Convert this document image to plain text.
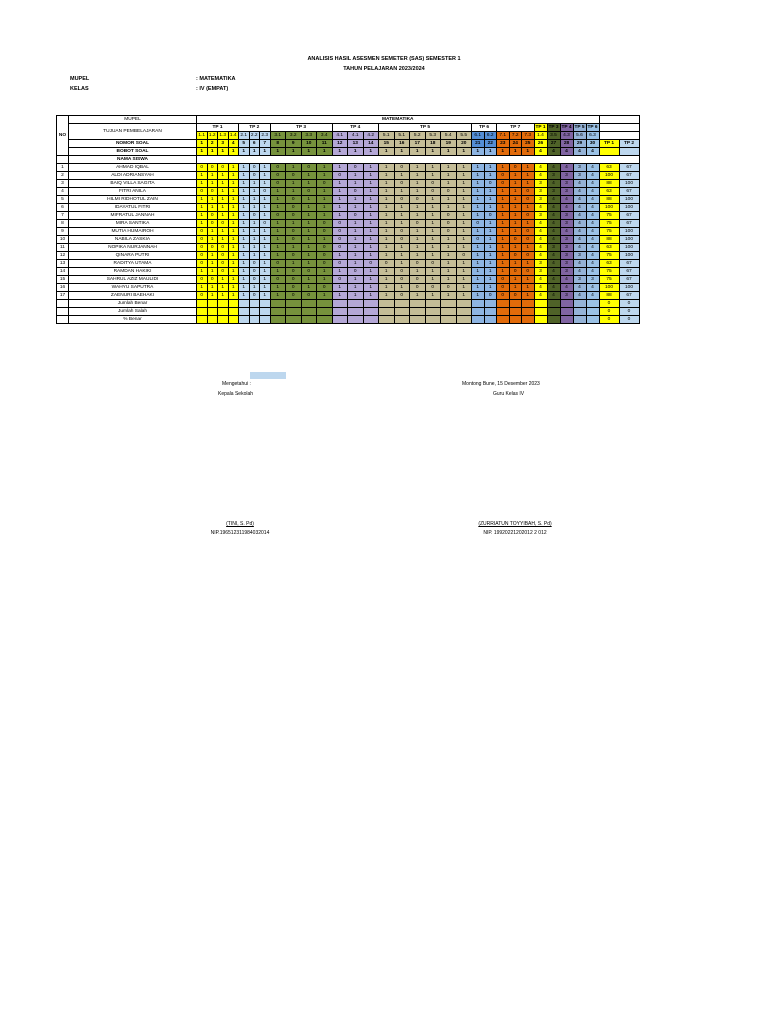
ANALISIS HASIL ASESMEN SEMETER (SAS) SEMESTER 1
TAHUN PELAJARAN 2023/2024
MUPEL	: MATEMATIKA
KELAS	: IV (EMPAT)
NO	MUPEL	MATEMATIKA																															
	TUJUAN PEMBELAJARAN	TP 1				TP 2			TP 3				TP 4			TP 5						TP 6		TP 7			TP 1	TP 3	TP 4	TP 5	TP 6		
		1.1	1.2	1.3	1.4	2.1	2.2	2.3	3.1	3.2	3.3	3.4	4.1	4.1	4.2	5.1	5.1	5.2	5.3	5.4	5.5	6.1	6.2	7.1	7.2	7.3	1.4	3.5	4.3	5.6	6.3		
	NOMOR SOAL	1	2	3	4	5	6	7	8	9	10	11	12	13	14	15	16	17	18	19	20	21	22	23	24	25	26	27	28	29	30	TP 1	TP 2
	BOBOT SOAL	1	1	1	1	1	1	1	1	1	1	1	1	1	1	1	1	1	1	1	1	1	1	1	1	1	4	4	4	4	4		
	NAMA SISWA																																
1	AHMAD IQBAL	0	0	0	1	1	0	1	0	1	0	1	1	0	1	1	0	1	1	1	1	1	1	1	0	1	4	4	4	3	4	63	67
2	ALDI ADRIANSYAH	1	1	1	1	1	0	1	0	0	1	1	0	1	1	1	1	1	1	1	1	1	1	0	1	1	4	3	3	3	4	100	67
3	BAIQ VILLA SAGITA	1	1	1	1	1	1	1	0	1	1	0	1	1	1	1	0	1	0	1	1	1	0	0	1	1	3	4	3	4	4	88	100
4	FITRI ANILA	0	0	1	1	1	1	0	1	1	0	1	1	0	1	1	1	1	0	0	1	1	1	1	1	0	3	3	3	4	4	63	67
5	HILMI RIDHOTUL ZAIN	1	1	1	1	1	1	1	1	0	1	1	1	1	1	1	0	0	1	1	1	1	1	1	1	0	3	4	4	4	4	88	100
6	IDAYATUL FITRI	1	1	1	1	1	1	1	1	0	1	1	1	1	1	1	1	1	1	1	1	1	1	1	1	1	4	4	4	4	4	100	100
7	MIFRATUL JANNAH	1	0	1	1	1	0	1	0	0	1	1	1	0	1	1	1	1	1	0	1	1	0	1	1	0	3	4	3	4	4	75	67
8	MIRA SANTIKA	1	0	0	1	1	1	0	1	1	1	0	0	1	1	1	1	0	1	0	1	0	1	1	1	1	4	4	3	4	4	75	67
9	MUTIA HUMAIROH	0	1	1	1	1	1	1	1	0	1	0	0	1	1	1	0	1	1	0	1	1	1	1	1	0	4	4	4	4	4	75	100
10	NABILA ZASKIA	0	1	1	1	1	1	1	1	0	1	1	0	1	1	1	0	1	1	1	1	0	1	1	0	0	4	4	3	4	4	88	100
11	NOPIKA NURJANNAH	0	0	0	1	1	1	1	1	1	1	0	0	1	1	1	1	1	1	1	1	1	1	1	1	1	4	3	3	4	4	63	100
12	QINARA PUTRI	0	1	0	1	1	1	1	1	0	1	0	1	1	1	1	1	1	1	1	0	1	1	1	0	0	4	4	3	3	4	75	100
13	RADITYA UTAMA	0	1	0	1	1	0	1	0	1	1	0	0	1	0	0	1	0	0	1	1	1	1	1	1	1	3	4	3	4	4	63	67
14	RAMDAN HAKIKI	1	1	0	1	1	0	1	1	0	0	1	1	0	1	1	0	1	1	1	1	1	1	1	0	0	3	4	3	4	4	75	67
15	SAHRUL AZIZ MAULIDI	0	0	1	1	1	0	1	0	0	1	1	0	1	1	1	0	0	1	1	1	1	1	0	1	1	4	4	4	3	3	75	67
16	WAHYU SAPUTRA	1	1	1	1	1	1	1	1	0	1	0	1	1	1	1	1	0	0	0	1	1	1	0	1	1	4	4	4	4	4	100	100
17	ZAENURI BAEHAKI	0	1	1	1	1	0	1	1	0	0	1	1	1	1	1	0	1	1	1	1	1	0	0	0	1	4	4	3	4	4	88	67
	Jumlah Benar																															0	0
	Jumlah Salah																															0	0
	% Benar																															0	0
Mengetahui :
Kepala Sekolah
Montong Bune, 15 Desember 2023
Guru Kelas IV
(TINI, S. Pd)
NIP.196512311984032014
(ZURRIATUN TOYYIBAH, S. Pd)
NIP. 19920221202012 2 012
